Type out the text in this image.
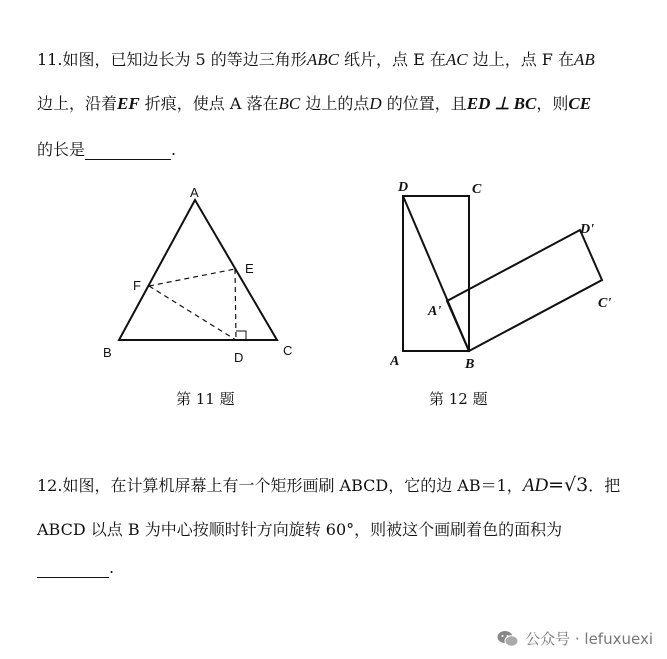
11.如图，已知边长为 5 的等边三角形ABC 纸片，点 E 在AC 边上，点 F 在AB
边上，沿着EF 折痕，使点 A 落在BC 边上的点D 的位置，且ED ⊥ BC，则CE
的长是	.
A
B	C
D
E
F
第 11 题
D	C
A	B
A'
D'
C'
第 12 题
12.如图，在计算机屏幕上有一个矩形画刷 ABCD，它的边 AB＝1，AD=√3．把
ABCD 以点 B 为中心按顺时针方向旋转 60°，则被这个画刷着色的面积为
.
公众号 · lefuxuexi
